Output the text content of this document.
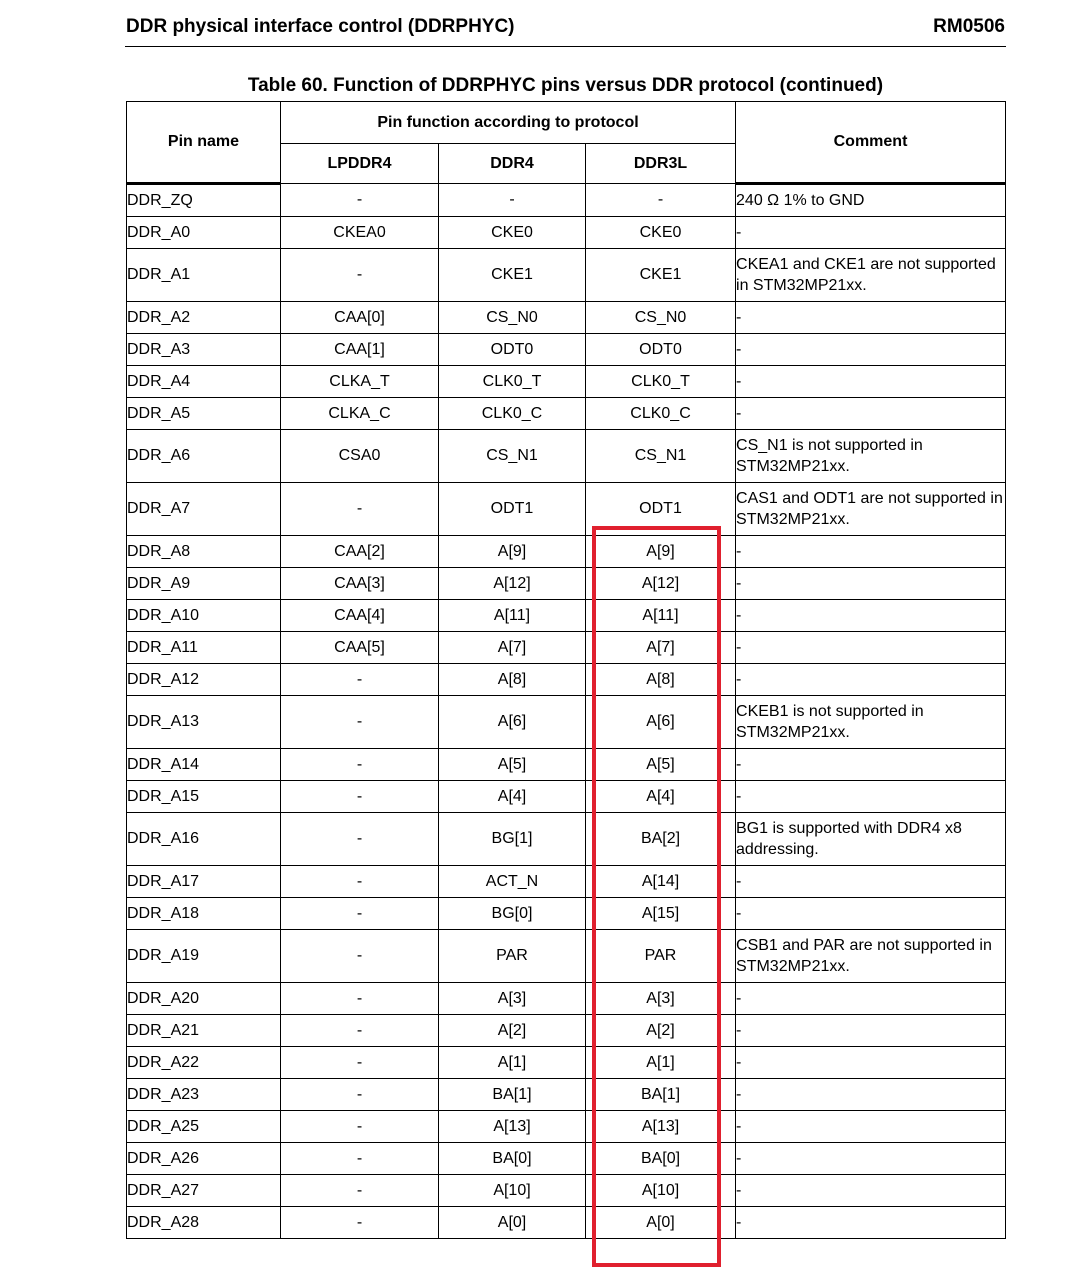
DDR physical interface control (DDRPHYC)	RM0506
Table 60. Function of DDRPHYC pins versus DDR protocol (continued)
Pin name	Pin function according to protocol			Comment
	LPDDR4	DDR4	DDR3L	
DDR_ZQ	-	-	-	240 Ω 1% to GND
DDR_A0	CKEA0	CKE0	CKE0	-
DDR_A1	-	CKE1	CKE1	CKEA1 and CKE1 are not supported in STM32MP21xx.
DDR_A2	CAA[0]	CS_N0	CS_N0	-
DDR_A3	CAA[1]	ODT0	ODT0	-
DDR_A4	CLKA_T	CLK0_T	CLK0_T	-
DDR_A5	CLKA_C	CLK0_C	CLK0_C	-
DDR_A6	CSA0	CS_N1	CS_N1	CS_N1 is not supported in STM32MP21xx.
DDR_A7	-	ODT1	ODT1	CAS1 and ODT1 are not supported in STM32MP21xx.
DDR_A8	CAA[2]	A[9]	A[9]	-
DDR_A9	CAA[3]	A[12]	A[12]	-
DDR_A10	CAA[4]	A[11]	A[11]	-
DDR_A11	CAA[5]	A[7]	A[7]	-
DDR_A12	-	A[8]	A[8]	-
DDR_A13	-	A[6]	A[6]	CKEB1 is not supported in STM32MP21xx.
DDR_A14	-	A[5]	A[5]	-
DDR_A15	-	A[4]	A[4]	-
DDR_A16	-	BG[1]	BA[2]	BG1 is supported with DDR4 x8 addressing.
DDR_A17	-	ACT_N	A[14]	-
DDR_A18	-	BG[0]	A[15]	-
DDR_A19	-	PAR	PAR	CSB1 and PAR are not supported in STM32MP21xx.
DDR_A20	-	A[3]	A[3]	-
DDR_A21	-	A[2]	A[2]	-
DDR_A22	-	A[1]	A[1]	-
DDR_A23	-	BA[1]	BA[1]	-
DDR_A25	-	A[13]	A[13]	-
DDR_A26	-	BA[0]	BA[0]	-
DDR_A27	-	A[10]	A[10]	-
DDR_A28	-	A[0]	A[0]	-
